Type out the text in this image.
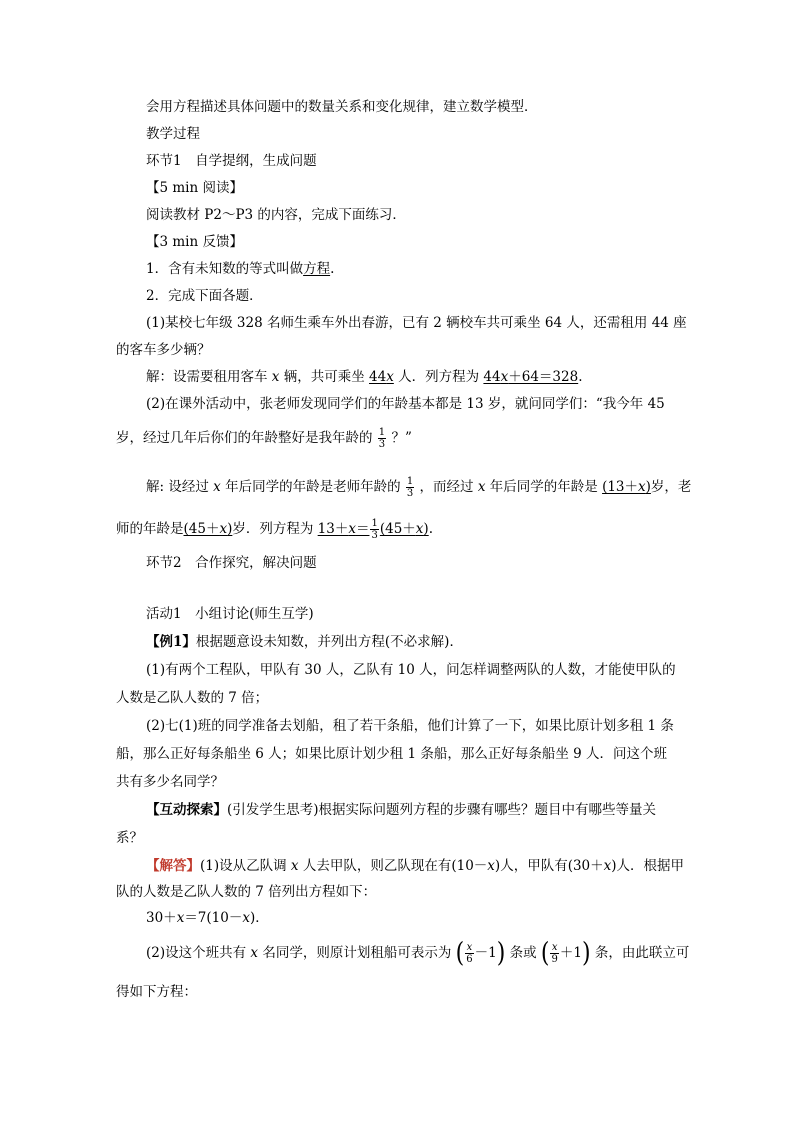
会用方程描述具体问题中的数量关系和变化规律，建立数学模型．
教学过程
环节1　自学提纲，生成问题
【5 min 阅读】
阅读教材 P2～P3 的内容，完成下面练习．
【3 min 反馈】
1．含有未知数的等式叫做方程.
2．完成下面各题．
(1)某校七年级 328 名师生乘车外出春游，已有 2 辆校车共可乘坐 64 人，还需租用 44 座
的客车多少辆？
解：设需要租用客车 x 辆，共可乘坐 44x 人．列方程为 44x＋64＝328.
(2)在课外活动中，张老师发现同学们的年龄基本都是 13 岁，就问同学们：“我今年 45
岁，经过几年后你们的年龄整好是我年龄的 $\frac{1}{3}$ ？”
解: 设经过 x 年后同学的年龄是老师年龄的 $\frac{1}{3}$ ，而经过 x 年后同学的年龄是 (13＋x)岁，老
师的年龄是(45＋x)岁．列方程为 $13+x= \frac{1}{3} (45+x)$.
环节2　合作探究，解决问题
活动1　小组讨论(师生互学)
【例1】根据题意设未知数，并列出方程(不必求解)．
(1)有两个工程队，甲队有 30 人，乙队有 10 人，问怎样调整两队的人数，才能使甲队的
人数是乙队人数的 7 倍；
(2)七(1)班的同学准备去划船，租了若干条船，他们计算了一下，如果比原计划多租 1 条
船，那么正好每条船坐 6 人；如果比原计划少租 1 条船，那么正好每条船坐 9 人．问这个班
共有多少名同学？
【互动探索】(引发学生思考)根据实际问题列方程的步骤有哪些？题目中有哪些等量关
系？
【解答】(1)设从乙队调 x 人去甲队，则乙队现在有(10－x)人，甲队有(30＋x)人．根据甲
队的人数是乙队人数的 7 倍列出方程如下：
30＋x＝7(10－x)．
(2)设这个班共有 x 名同学，则原计划租船可表示为 ( $\frac{x}{6} -1$) 条或 ( $\frac{x}{9} +1$) 条，由此联立可
得如下方程：
